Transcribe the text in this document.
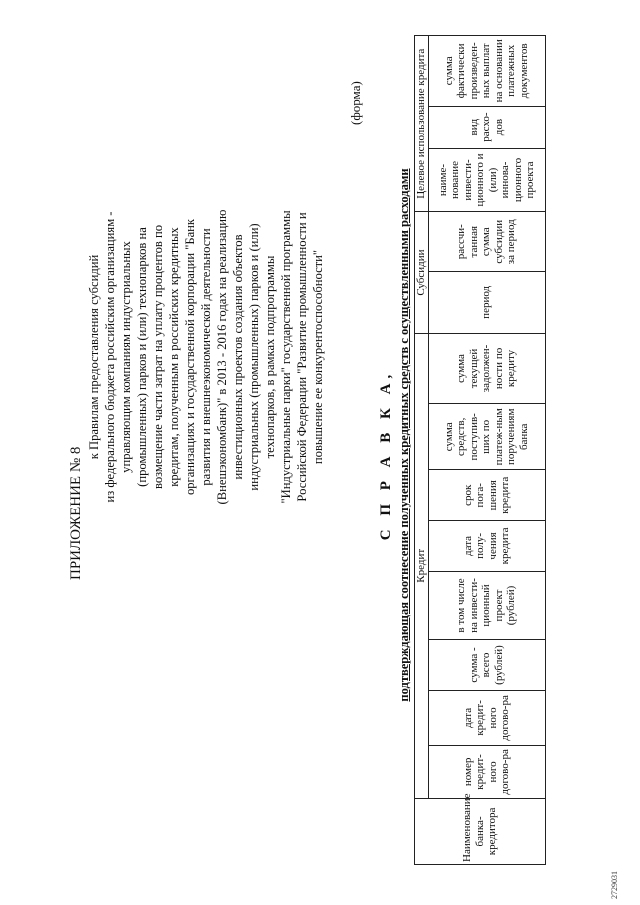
ПРИЛОЖЕНИЕ № 8
к Правилам предоставления субсидий из федерального бюджета российским организациям - управляющим компаниям индустриальных (промышленных) парков и (или) технопарков на возмещение части затрат на уплату процентов по кредитам, полученным в российских кредитных организациях и государственной корпорации "Банк развития и внешнеэкономической деятельности (Внешэкономбанк)" в 2013 - 2016 годах на реализацию инвестиционных проектов создания объектов индустриальных (промышленных) парков и (или) технопарков, в рамках подпрограммы "Индустриальные парки" государственной программы Российской Федерации "Развитие промышленности и повышение ее конкурентоспособности"
(форма)
С П Р А В К А, подтверждающая соотнесение полученных кредитных средств с осуществленными расходами
Наименование банка-кредитора	Кредит								Субсидии		Целевое использование кредита		
	номер кредит-ного догово-ра	дата кредит-ного догово-ра	сумма - всего (рублей)	в том числе на инвести-ционный проект (рублей)	дата полу-чения кредита	срок пога-шения кредита	сумма средств, поступив-ших по платеж-ным поручениям банка	сумма текущей задолжен-ности по кредиту	период	рассчи-танная сумма субсидии за период	наиме-нование инвести-ционного и (или) иннова-ционного проекта	вид расхо-дов	сумма фактически произведен-ных выплат на основании платежных документов
2729031
